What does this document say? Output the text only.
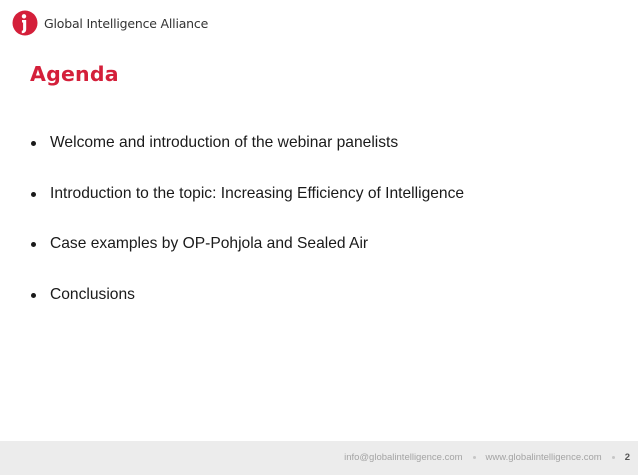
Global Intelligence Alliance
Agenda
Welcome and introduction of the webinar panelists
Introduction to the topic: Increasing Efficiency of Intelligence
Case examples by OP-Pohjola and Sealed Air
Conclusions
info@globalintelligence.com www.globalintelligence.com 2
